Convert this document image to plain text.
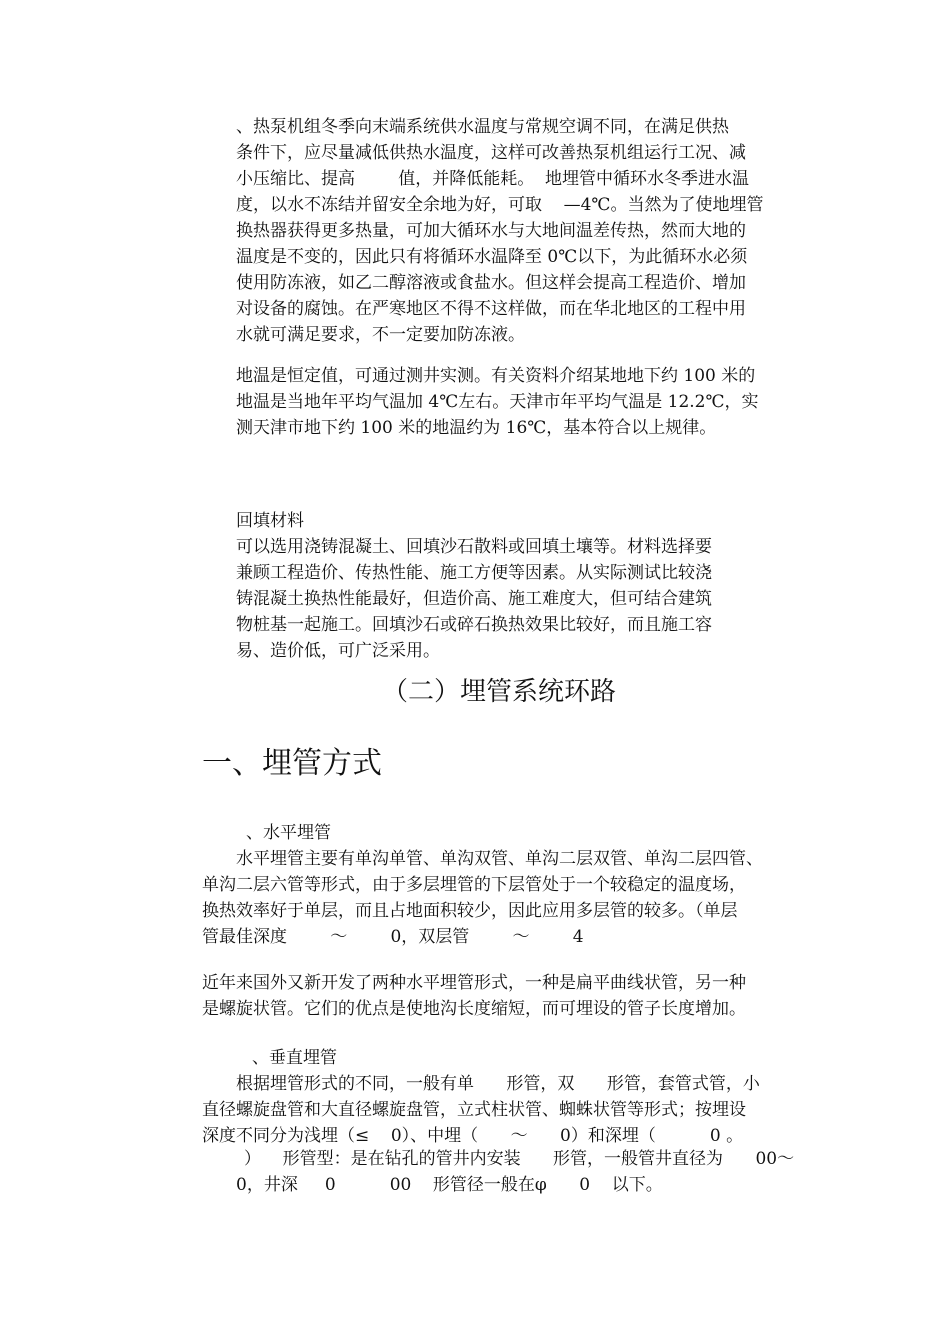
、热泵机组冬季向末端系统供水温度与常规空调不同，在满足供热

条件下，应尽量减低供热水温度，这样可改善热泵机组运行工况、减

小压缩比、提高        值，并降低能耗。  地埋管中循环水冬季进水温

度，以水不冻结并留安全余地为好，可取    —4℃。当然为了使地埋管

换热器获得更多热量，可加大循环水与大地间温差传热，然而大地的

温度是不变的，因此只有将循环水温降至 0℃以下，为此循环水必须

使用防冻液，如乙二醇溶液或食盐水。但这样会提高工程造价、增加

对设备的腐蚀。在严寒地区不得不这样做，而在华北地区的工程中用

水就可满足要求，不一定要加防冻液。

地温是恒定值，可通过测井实测。有关资料介绍某地地下约 100 米的

地温是当地年平均气温加 4℃左右。天津市年平均气温是 12.2℃，实

测天津市地下约 100 米的地温约为 16℃，基本符合以上规律。

回填材料

可以选用浇铸混凝土、回填沙石散料或回填土壤等。材料选择要

兼顾工程造价、传热性能、施工方便等因素。从实际测试比较浇

铸混凝土换热性能最好，但造价高、施工难度大，但可结合建筑

物桩基一起施工。回填沙石或碎石换热效果比较好，而且施工容

易、造价低，可广泛采用。

（二）埋管系统环路
一、埋管方式

、水平埋管

水平埋管主要有单沟单管、单沟双管、单沟二层双管、单沟二层四管、

单沟二层六管等形式，由于多层埋管的下层管处于一个较稳定的温度场，

换热效率好于单层，而且占地面积较少，因此应用多层管的较多。（单层

管最佳深度        ～        0，双层管        ～        4

近年来国外又新开发了两种水平埋管形式，一种是扁平曲线状管，另一种

是螺旋状管。它们的优点是使地沟长度缩短，而可埋设的管子长度增加。

、垂直埋管

根据埋管形式的不同，一般有单      形管，双      形管，套管式管，小

直径螺旋盘管和大直径螺旋盘管，立式柱状管、蜘蛛状管等形式；按埋设

深度不同分为浅埋（≤    0）、中埋（      ～      0）和深埋（          0 。

）    形管型：是在钻孔的管井内安装      形管，一般管井直径为      00～

0，井深     0          00    形管径一般在φ      0    以下。
